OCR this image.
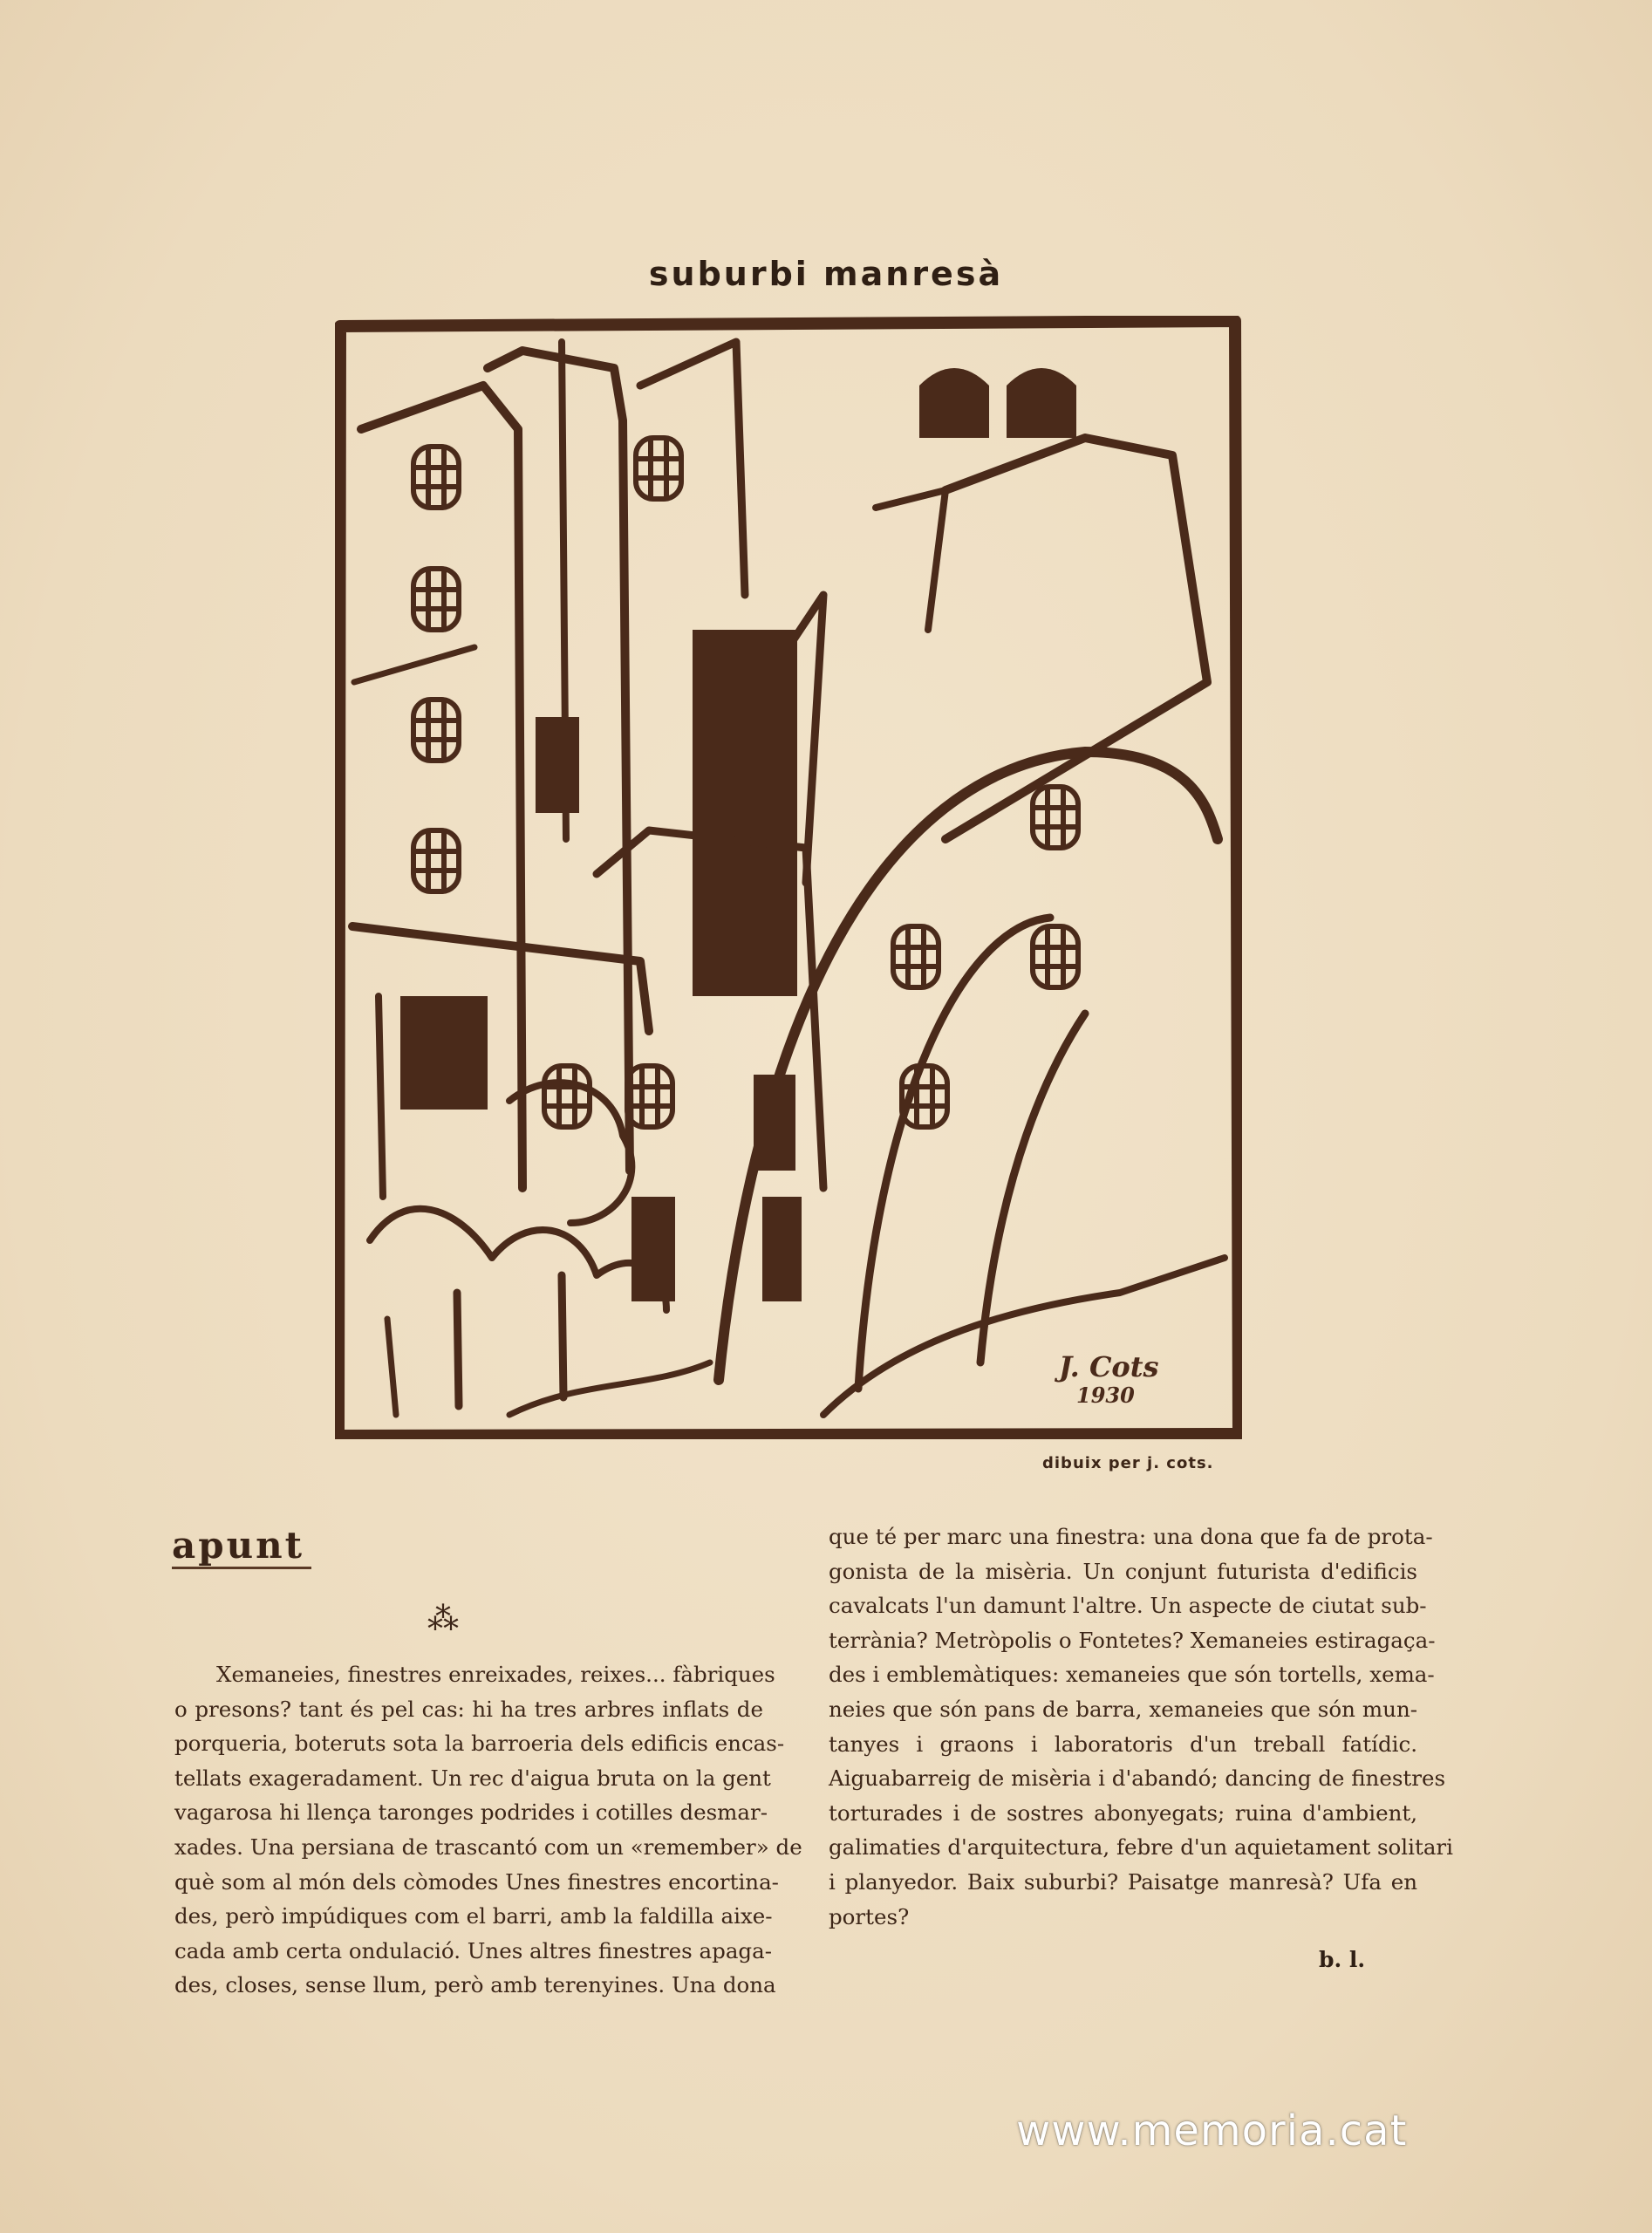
suburbi manresà
J. Cots
1930
dibuix per j. cots.
apunt
⁂
Xemaneies, finestres enreixades, reixes... fàbriques
o presons? tant és pel cas: hi ha tres arbres inflats de
porqueria, boteruts sota la barroeria dels edificis encas-
tellats exageradament. Un rec d'aigua bruta on la gent
vagarosa hi llença taronges podrides i cotilles desmar-
xades. Una persiana de trascantó com un «remember» de
què som al món dels còmodes Unes finestres encortina-
des, però impúdiques com el barri, amb la faldilla aixe-
cada amb certa ondulació. Unes altres finestres apaga-
des, closes, sense llum, però amb terenyines. Una dona
que té per marc una finestra: una dona que fa de prota-
gonista de la misèria. Un conjunt futurista d'edificis
cavalcats l'un damunt l'altre. Un aspecte de ciutat sub-
terrània? Metròpolis o Fontetes? Xemaneies estiragaça-
des i emblemàtiques: xemaneies que són tortells, xema-
neies que són pans de barra, xemaneies que són mun-
tanyes i graons i laboratoris d'un treball fatídic.
Aiguabarreig de misèria i d'abandó; dancing de finestres
torturades i de sostres abonyegats; ruina d'ambient,
galimaties d'arquitectura, febre d'un aquietament solitari
i planyedor. Baix suburbi? Paisatge manresà? Ufa en
portes?
b. l.
www.memoria.cat
